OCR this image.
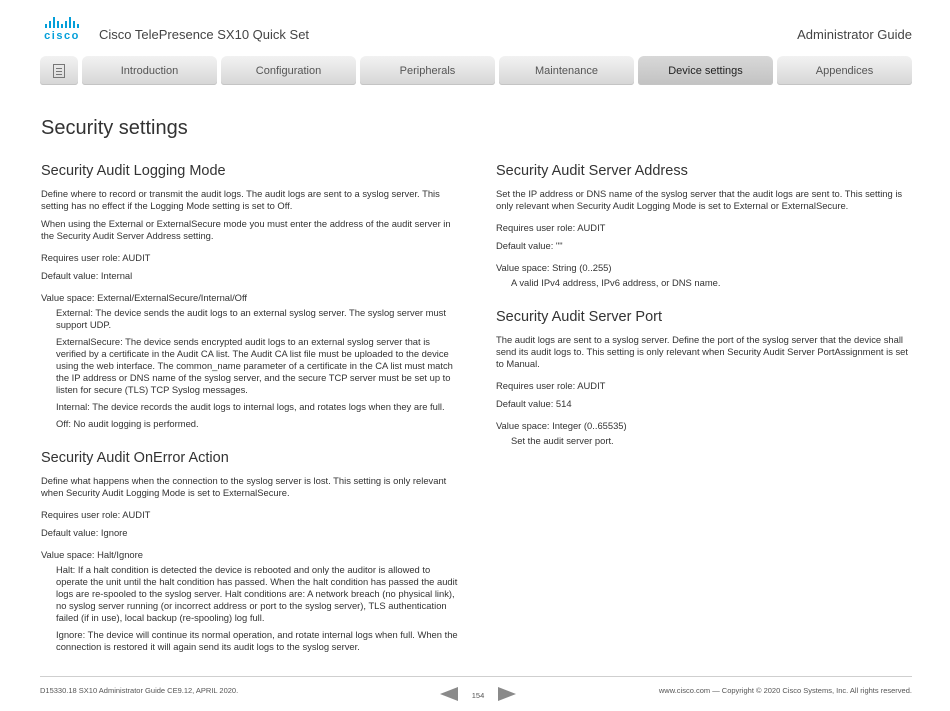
cisco	Cisco TelePresence SX10 Quick Set	Administrator Guide
Introduction	Configuration	Peripherals	Maintenance	Device settings	Appendices
Security settings
Security Audit Logging Mode

Define where to record or transmit the audit logs. The audit logs are sent to a syslog server. This setting has no effect if the Logging Mode setting is set to Off.

When using the External or ExternalSecure mode you must enter the address of the audit server in the Security Audit Server Address setting.

Requires user role: AUDIT

Default value: Internal

Value space: External/ExternalSecure/Internal/Off

External: The device sends the audit logs to an external syslog server. The syslog server must support UDP.

ExternalSecure: The device sends encrypted audit logs to an external syslog server that is verified by a certificate in the Audit CA list. The Audit CA list file must be uploaded to the device using the web interface. The common_name parameter of a certificate in the CA list must match the IP address or DNS name of the syslog server, and the secure TCP server must be set up to listen for secure (TLS) TCP Syslog messages.

Internal: The device records the audit logs to internal logs, and rotates logs when they are full.

Off: No audit logging is performed.

Security Audit OnError Action

Define what happens when the connection to the syslog server is lost. This setting is only relevant when Security Audit Logging Mode is set to ExternalSecure.

Requires user role: AUDIT

Default value: Ignore

Value space: Halt/Ignore

Halt: If a halt condition is detected the device is rebooted and only the auditor is allowed to operate the unit until the halt condition has passed. When the halt condition has passed the audit logs are re-spooled to the syslog server. Halt conditions are: A network breach (no physical link), no syslog server running (or incorrect address or port to the syslog server), TLS authentication failed (if in use), local backup (re-spooling) log full.

Ignore: The device will continue its normal operation, and rotate internal logs when full. When the connection is restored it will again send its audit logs to the syslog server.

Security Audit Server Address

Set the IP address or DNS name of the syslog server that the audit logs are sent to. This setting is only relevant when Security Audit Logging Mode is set to External or ExternalSecure.

Requires user role: AUDIT

Default value: ""

Value space: String (0..255)

A valid IPv4 address, IPv6 address, or DNS name.

Security Audit Server Port

The audit logs are sent to a syslog server. Define the port of the syslog server that the device shall send its audit logs to. This setting is only relevant when Security Audit Server PortAssignment is set to Manual.

Requires user role: AUDIT

Default value: 514

Value space: Integer (0..65535)

Set the audit server port.

D15330.18 SX10 Administrator Guide CE9.12, APRIL 2020.
154
www.cisco.com — Copyright © 2020 Cisco Systems, Inc. All rights reserved.
